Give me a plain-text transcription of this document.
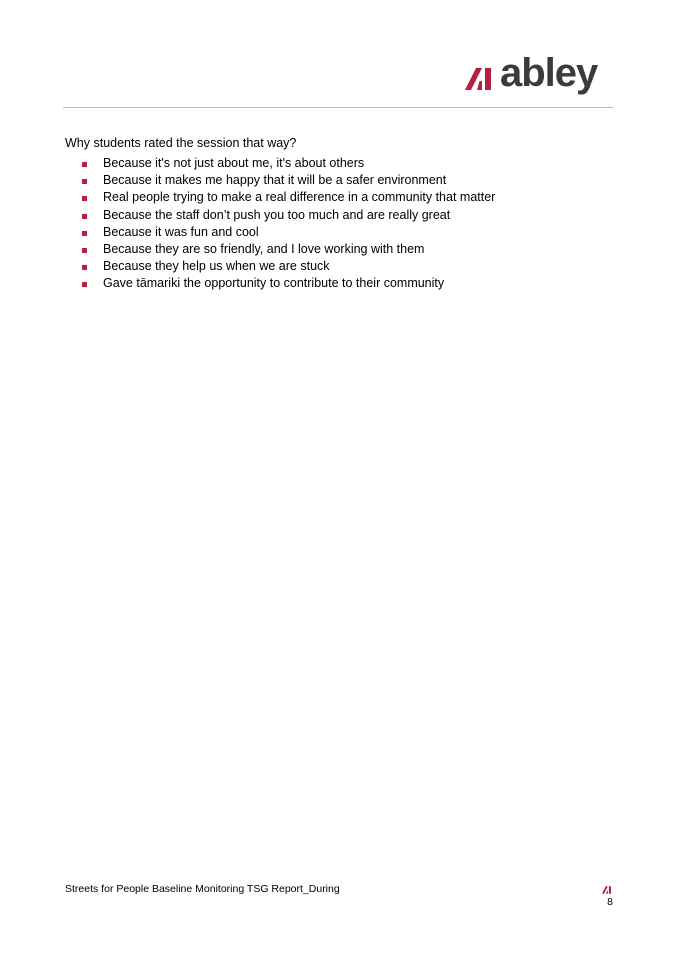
abley
Why students rated the session that way?
Because it's not just about me, it's about others
Because it makes me happy that it will be a safer environment
Real people trying to make a real difference in a community that matter
Because the staff don’t push you too much and are really great
Because it was fun and cool
Because they are so friendly, and I love working with them
Because they help us when we are stuck
Gave tāmariki the opportunity to contribute to their community
Streets for People Baseline Monitoring TSG Report_During
8
